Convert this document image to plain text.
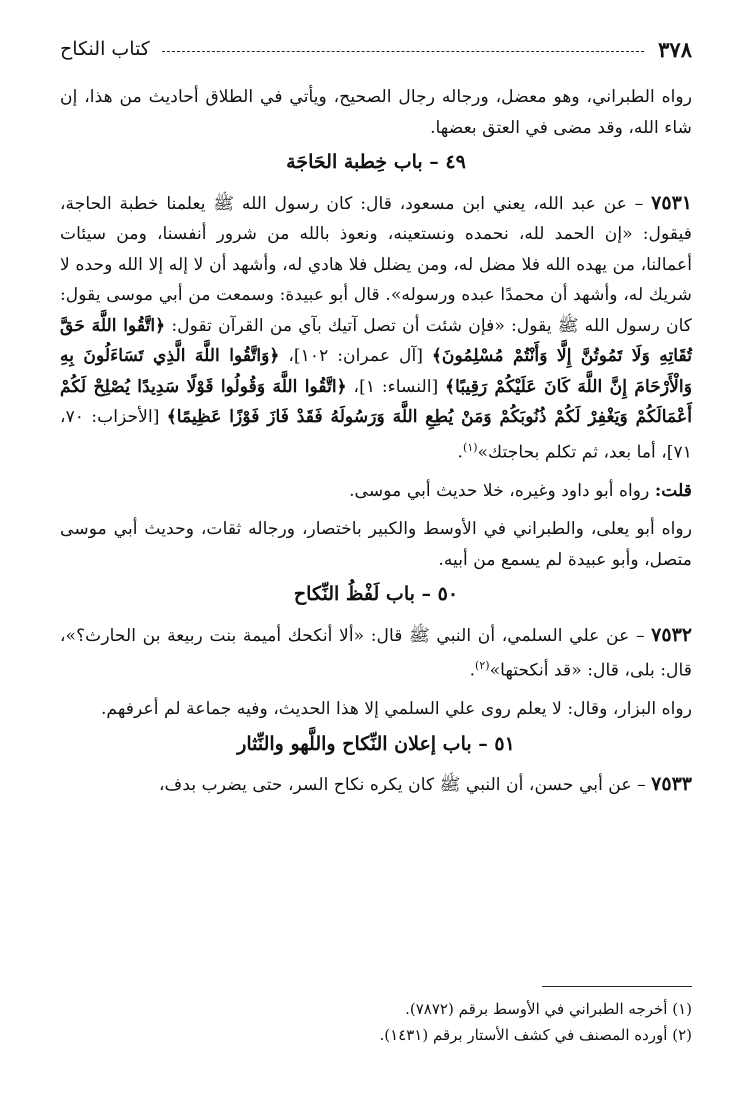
٣٧٨
كتاب النكاح

رواه الطبراني، وهو معضل، ورجاله رجال الصحيح، ويأتي في الطلاق أحاديث من هذا، إن شاء الله، وقد مضى في العتق بعضها.

٤٩ – باب خِطبة الحَاجَة

٧٥٣١ – عن عبد الله، يعني ابن مسعود، قال: كان رسول الله ﷺ يعلمنا خطبة الحاجة، فيقول: «إن الحمد لله، نحمده ونستعينه، ونعوذ بالله من شرور أنفسنا، ومن سيئات أعمالنا، من يهده الله فلا مضل له، ومن يضلل فلا هادي له، وأشهد أن لا إله إلا الله وحده لا شريك له، وأشهد أن محمدًا عبده ورسوله». قال أبو عبيدة: وسمعت من أبي موسى يقول: كان رسول الله ﷺ يقول: «فإن شئت أن تصل آتيك بآي من القرآن تقول: ﴿اتَّقُوا اللَّهَ حَقَّ تُقَاتِهِ وَلَا تَمُوتُنَّ إِلَّا وَأَنْتُمْ مُسْلِمُونَ﴾ [آل عمران: ١٠٢]، ﴿وَاتَّقُوا اللَّهَ الَّذِي تَسَاءَلُونَ بِهِ وَالْأَرْحَامَ إِنَّ اللَّهَ كَانَ عَلَيْكُمْ رَقِيبًا﴾ [النساء: ١]، ﴿اتَّقُوا اللَّهَ وَقُولُوا قَوْلًا سَدِيدًا يُصْلِحْ لَكُمْ أَعْمَالَكُمْ وَيَغْفِرْ لَكُمْ ذُنُوبَكُمْ وَمَنْ يُطِعِ اللَّهَ وَرَسُولَهُ فَقَدْ فَازَ فَوْزًا عَظِيمًا﴾ [الأحزاب: ٧٠، ٧١]، أما بعد، ثم تكلم بحاجتك»$^{(١)}$.

قلت: رواه أبو داود وغيره، خلا حديث أبي موسى.

رواه أبو يعلى، والطبراني في الأوسط والكبير باختصار، ورجاله ثقات، وحديث أبي موسى متصل، وأبو عبيدة لم يسمع من أبيه.

٥٠ – باب لَفْظُ النِّكاح

٧٥٣٢ – عن علي السلمي، أن النبي ﷺ قال: «ألا أنكحك أميمة بنت ربيعة بن الحارث؟»، قال: بلى، قال: «قد أنكحتها»$^{(٢)}$.

رواه البزار، وقال: لا يعلم روى علي السلمي إلا هذا الحديث، وفيه جماعة لم أعرفهم.

٥١ – باب إعلان النِّكاح واللَّهو والنِّثار

٧٥٣٣ – عن أبي حسن، أن النبي ﷺ كان يكره نكاح السر، حتى يضرب بدف،

(١) أخرجه الطبراني في الأوسط برقم (٧٨٧٢).

(٢) أورده المصنف في كشف الأستار برقم (١٤٣١).
